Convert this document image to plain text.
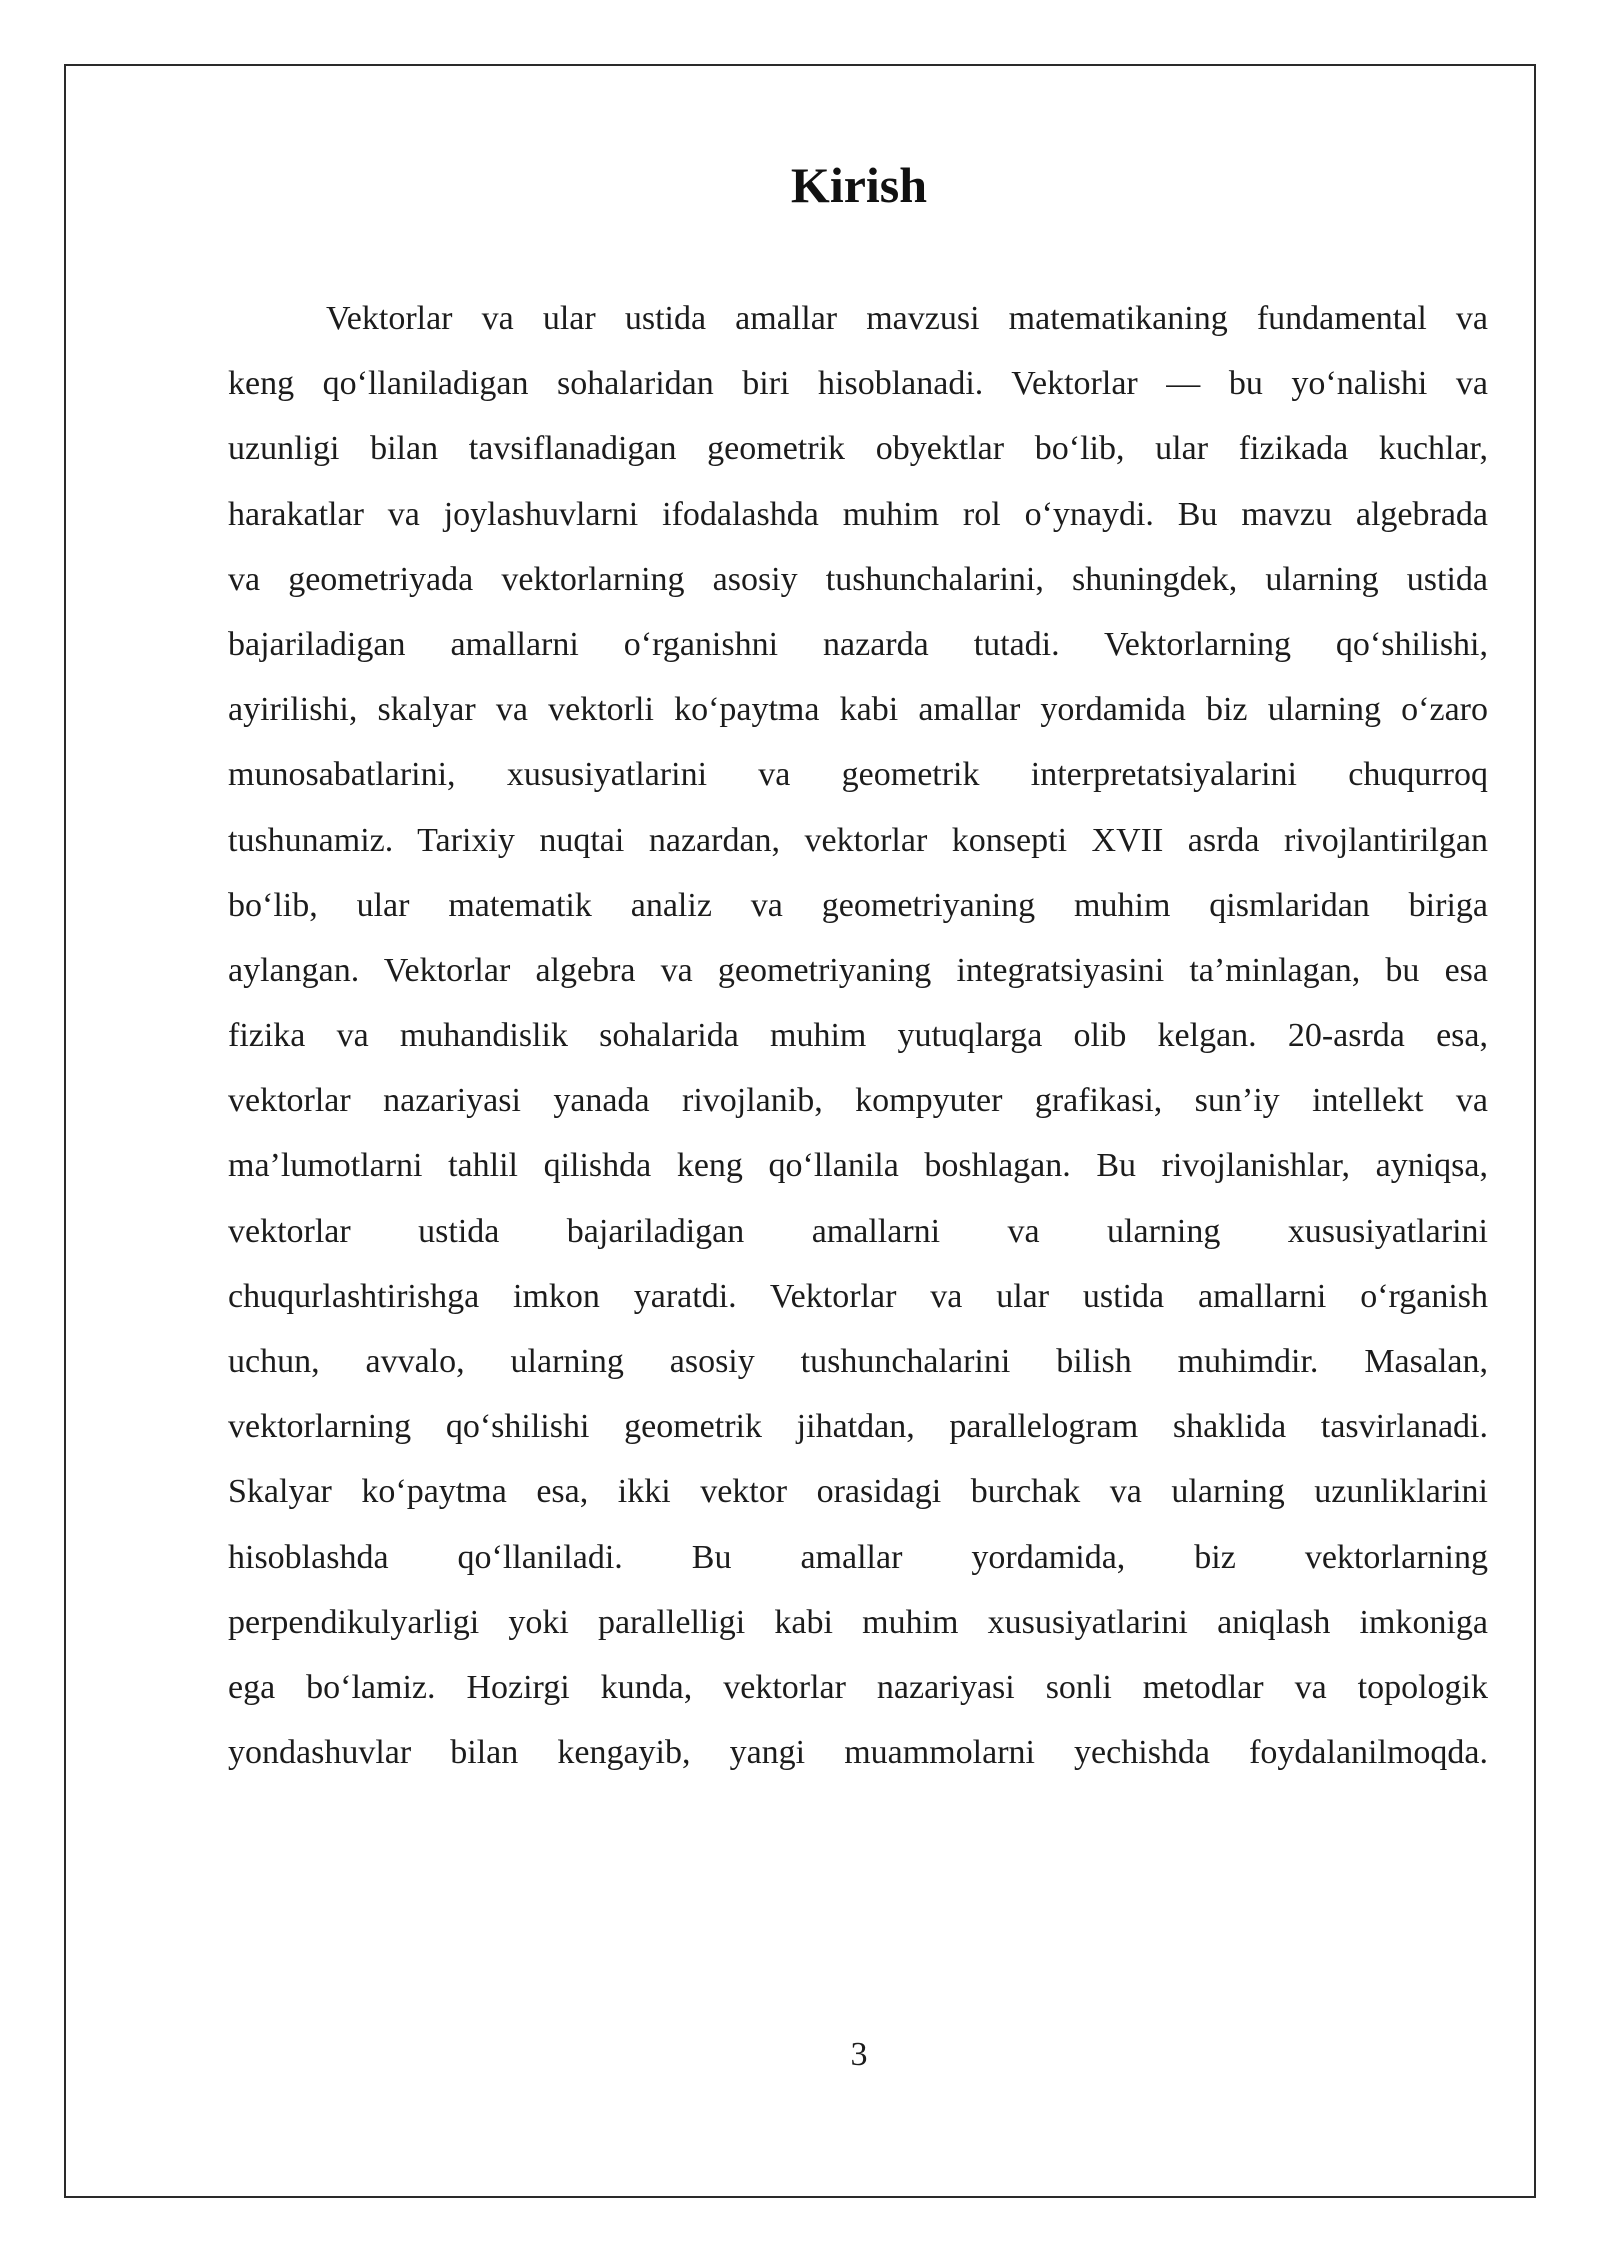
Kirish
Vektorlar va ular ustida amallar mavzusi matematikaning fundamental va
keng qo‘llaniladigan sohalaridan biri hisoblanadi. Vektorlar — bu yo‘nalishi va
uzunligi bilan tavsiflanadigan geometrik obyektlar bo‘lib, ular fizikada kuchlar,
harakatlar va joylashuvlarni ifodalashda muhim rol o‘ynaydi. Bu mavzu algebrada
va geometriyada vektorlarning asosiy tushunchalarini, shuningdek, ularning ustida
bajariladigan amallarni o‘rganishni nazarda tutadi. Vektorlarning qo‘shilishi,
ayirilishi, skalyar va vektorli ko‘paytma kabi amallar yordamida biz ularning o‘zaro
munosabatlarini, xususiyatlarini va geometrik interpretatsiyalarini chuqurroq
tushunamiz. Tarixiy nuqtai nazardan, vektorlar konsepti XVII asrda rivojlantirilgan
bo‘lib, ular matematik analiz va geometriyaning muhim qismlaridan biriga
aylangan. Vektorlar algebra va geometriyaning integratsiyasini ta’minlagan, bu esa
fizika va muhandislik sohalarida muhim yutuqlarga olib kelgan. 20-asrda esa,
vektorlar nazariyasi yanada rivojlanib, kompyuter grafikasi, sun’iy intellekt va
ma’lumotlarni tahlil qilishda keng qo‘llanila boshlagan. Bu rivojlanishlar, ayniqsa,
vektorlar ustida bajariladigan amallarni va ularning xususiyatlarini
chuqurlashtirishga imkon yaratdi. Vektorlar va ular ustida amallarni o‘rganish
uchun, avvalo, ularning asosiy tushunchalarini bilish muhimdir. Masalan,
vektorlarning qo‘shilishi geometrik jihatdan, parallelogram shaklida tasvirlanadi.
Skalyar ko‘paytma esa, ikki vektor orasidagi burchak va ularning uzunliklarini
hisoblashda qo‘llaniladi. Bu amallar yordamida, biz vektorlarning
perpendikulyarligi yoki parallelligi kabi muhim xususiyatlarini aniqlash imkoniga
ega bo‘lamiz. Hozirgi kunda, vektorlar nazariyasi sonli metodlar va topologik
yondashuvlar bilan kengayib, yangi muammolarni yechishda foydalanilmoqda.
3
